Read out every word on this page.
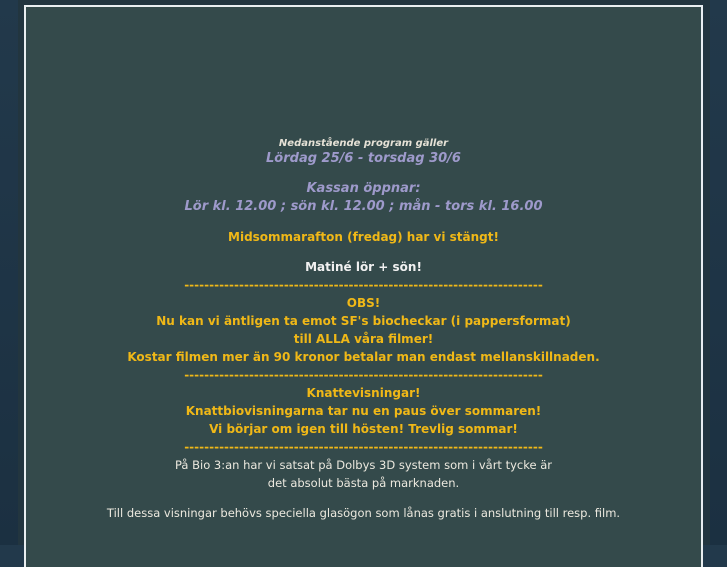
Nedanstående program gäller
Lördag 25/6 - torsdag 30/6
Kassan öppnar:
Lör kl. 12.00 ; sön kl. 12.00 ; mån - tors kl. 16.00
Midsommarafton (fredag) har vi stängt!
Matiné lör + sön!
------------------------------------------------------------------------
OBS!
Nu kan vi äntligen ta emot SF's biocheckar (i pappersformat)
till ALLA våra filmer!
Kostar filmen mer än 90 kronor betalar man endast mellanskillnaden.
------------------------------------------------------------------------
Knattevisningar!
Knattbiovisningarna tar nu en paus över sommaren!
Vi börjar om igen till hösten! Trevlig sommar!
------------------------------------------------------------------------
På Bio 3:an har vi satsat på Dolbys 3D system som i vårt tycke är
det absolut bästa på marknaden.
Till dessa visningar behövs speciella glasögon som lånas gratis i anslutning till resp. film.
